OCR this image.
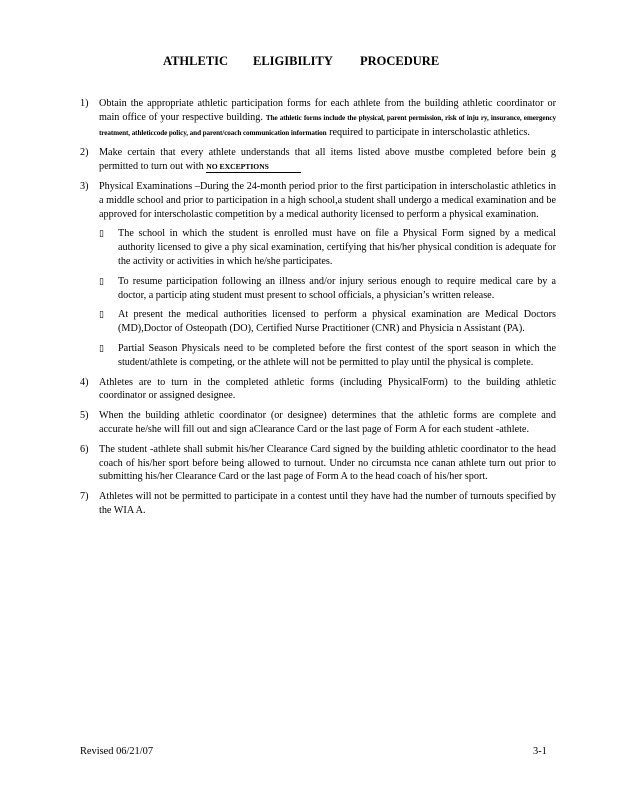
ATHLETIC ELIGIBILITY PROCEDURE
1) Obtain the appropriate athletic participation forms for each athlete from the building athletic coordinator or main office of your respective building. The athletic forms include the physical, parent permission, risk of inju ry, insurance, emergency treatment, athleticcode policy, and parent/coach communication information required to participate in interscholastic athletics.

2) Make certain that every athlete understands that all items listed above mustbe completed before bein g permitted to turn out with NO EXCEPTIONS

3) Physical Examinations –During the 24-month period prior to the first participation in interscholastic athletics in a middle school and prior to participation in a high school,a student shall undergo a medical examination and be approved for interscholastic competition by a medical authority licensed to perform a physical examination.

▯ The school in which the student is enrolled must have on file a Physical Form signed by a medical authority licensed to give a phy sical examination, certifying that his/her physical condition is adequate for the activity or activities in which he/she participates.

▯ To resume participation following an illness and/or injury serious enough to require medical care by a doctor, a particip ating student must present to school officials, a physician’s written release.

▯ At present the medical authorities licensed to perform a physical examination are Medical Doctors (MD),Doctor of Osteopath (DO), Certified Nurse Practitioner (CNR) and Physicia n Assistant (PA).

▯ Partial Season Physicals need to be completed before the first contest of the sport season in which the student/athlete is competing, or the athlete will not be permitted to play until the physical is complete.

4) Athletes are to turn in the completed athletic forms (including PhysicalForm) to the building athletic coordinator or assigned designee.

5) When the building athletic coordinator (or designee) determines that the athletic forms are complete and accurate he/she will fill out and sign aClearance Card or the last page of Form A for each student -athlete.

6) The student -athlete shall submit his/her Clearance Card signed by the building athletic coordinator to the head coach of his/her sport before being allowed to turnout. Under no circumsta nce canan athlete turn out prior to submitting his/her Clearance Card or the last page of Form A to the head coach of his/her sport.

7) Athletes will not be permitted to participate in a contest until they have had the number of turnouts specified by the WIA A.

Revised 06/21/07	3-1
